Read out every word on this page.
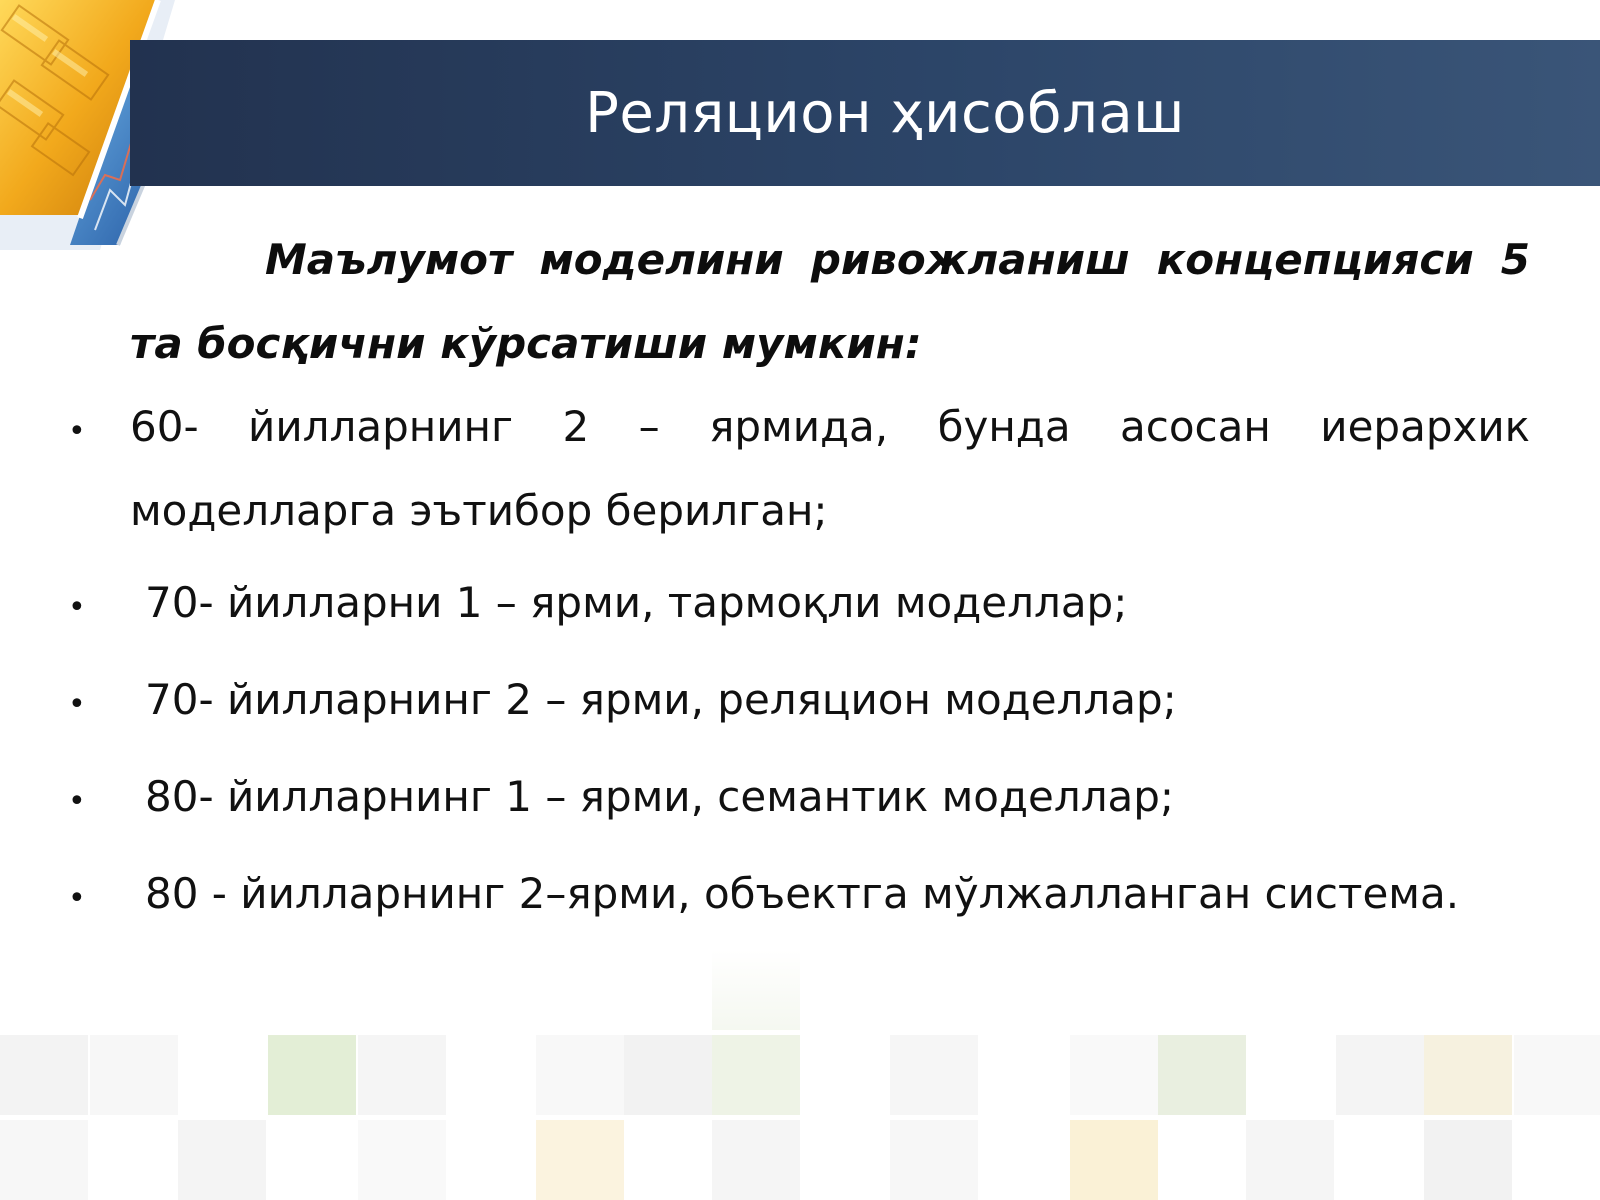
Реляцион ҳисоблаш
Маълумот моделини ривожланиш концепцияси 5 та босқични кўрсатиши мумкин:
• 60- йилларнинг 2 – ярмида, бунда асосан иерархик моделларга эътибор берилган;
• 70- йилларни 1 – ярми, тармоқли моделлар;
• 70- йилларнинг 2 – ярми, реляцион моделлар;
• 80- йилларнинг 1 – ярми, семантик моделлар;
• 80 - йилларнинг 2–ярми, объектга мўлжалланган система.
